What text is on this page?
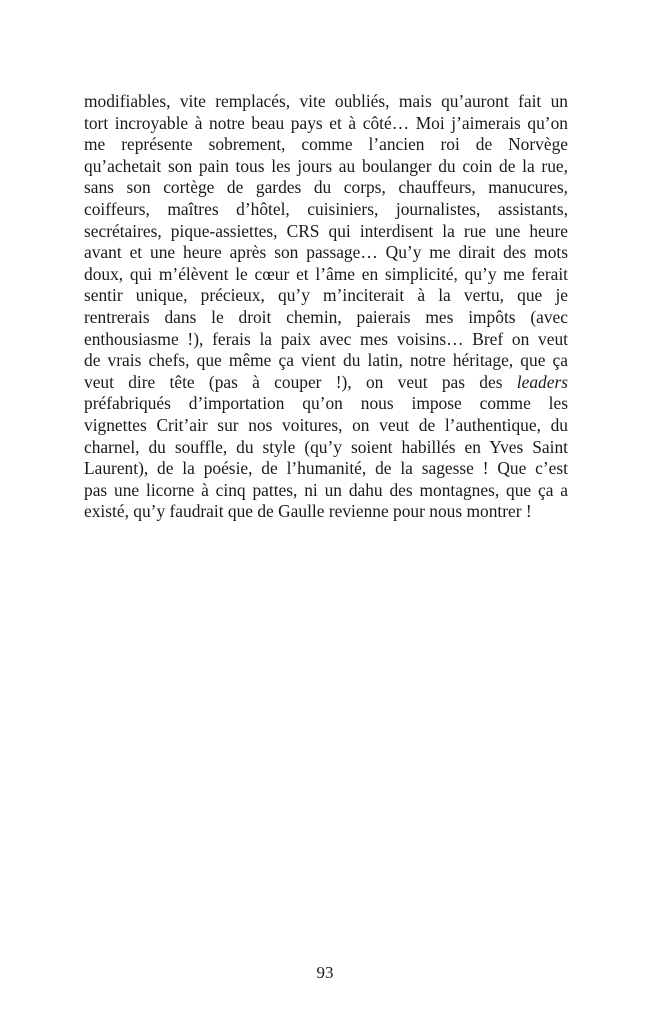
modifiables, vite remplacés, vite oubliés, mais qu’auront fait un
tort incroyable à notre beau pays et à côté… Moi j’aimerais qu’on
me représente sobrement, comme l’ancien roi de Norvège
qu’achetait son pain tous les jours au boulanger du coin de la rue,
sans son cortège de gardes du corps, chauffeurs, manucures,
coiffeurs, maîtres d’hôtel, cuisiniers, journalistes, assistants,
secrétaires, pique-assiettes, CRS qui interdisent la rue une heure
avant et une heure après son passage… Qu’y me dirait des mots
doux, qui m’élèvent le cœur et l’âme en simplicité, qu’y me ferait
sentir unique, précieux, qu’y m’inciterait à la vertu, que je
rentrerais dans le droit chemin, paierais mes impôts (avec
enthousiasme !), ferais la paix avec mes voisins… Bref on veut
de vrais chefs, que même ça vient du latin, notre héritage, que ça
veut dire tête (pas à couper !), on veut pas des leaders
préfabriqués d’importation qu’on nous impose comme les
vignettes Crit’air sur nos voitures, on veut de l’authentique, du
charnel, du souffle, du style (qu’y soient habillés en Yves Saint
Laurent), de la poésie, de l’humanité, de la sagesse ! Que c’est
pas une licorne à cinq pattes, ni un dahu des montagnes, que ça a
existé, qu’y faudrait que de Gaulle revienne pour nous montrer !
93
